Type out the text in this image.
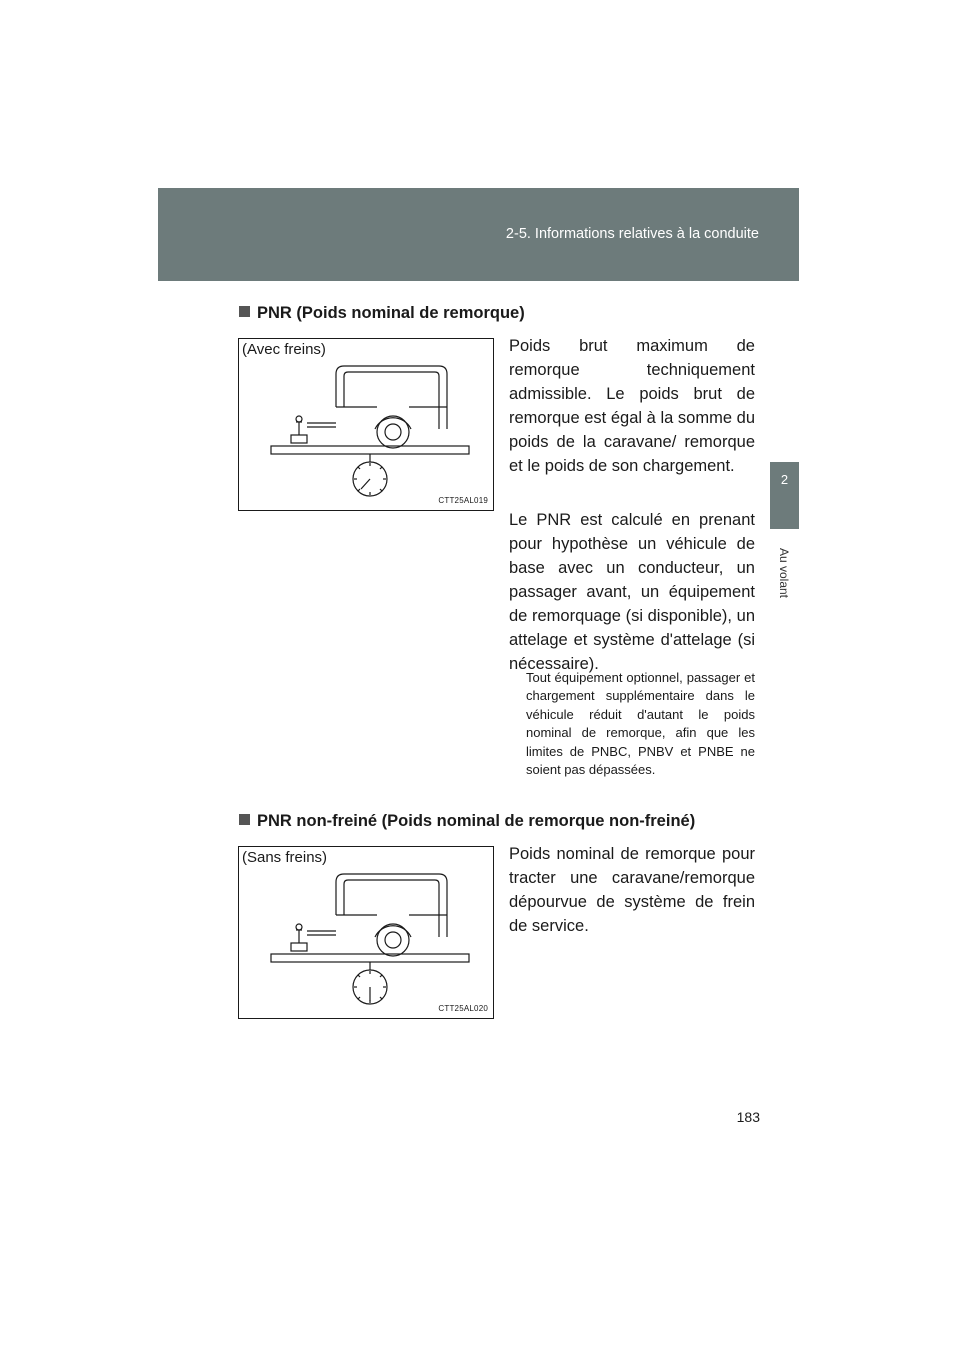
2-5. Informations relatives à la conduite
2
Au volant
PNR (Poids nominal de remorque)
(Avec freins)
CTT25AL019

Poids brut maximum de remorque techniquement admissible. Le poids brut de remorque est égal à la somme du poids de la caravane/ remorque et le poids de son chargement.

Le PNR est calculé en prenant pour hypothèse un véhicule de base avec un conducteur, un passager avant, un équipement de remorquage (si disponible), un attelage et système d'attelage (si nécessaire).

Tout équipement optionnel, passager et chargement supplémentaire dans le véhicule réduit d'autant le poids nominal de remorque, afin que les limites de PNBC, PNBV et PNBE ne soient pas dépassées.

PNR non-freiné (Poids nominal de remorque non-freiné)
(Sans freins)
CTT25AL020

Poids nominal de remorque pour tracter une caravane/remorque dépourvue de système de frein de service.

183
